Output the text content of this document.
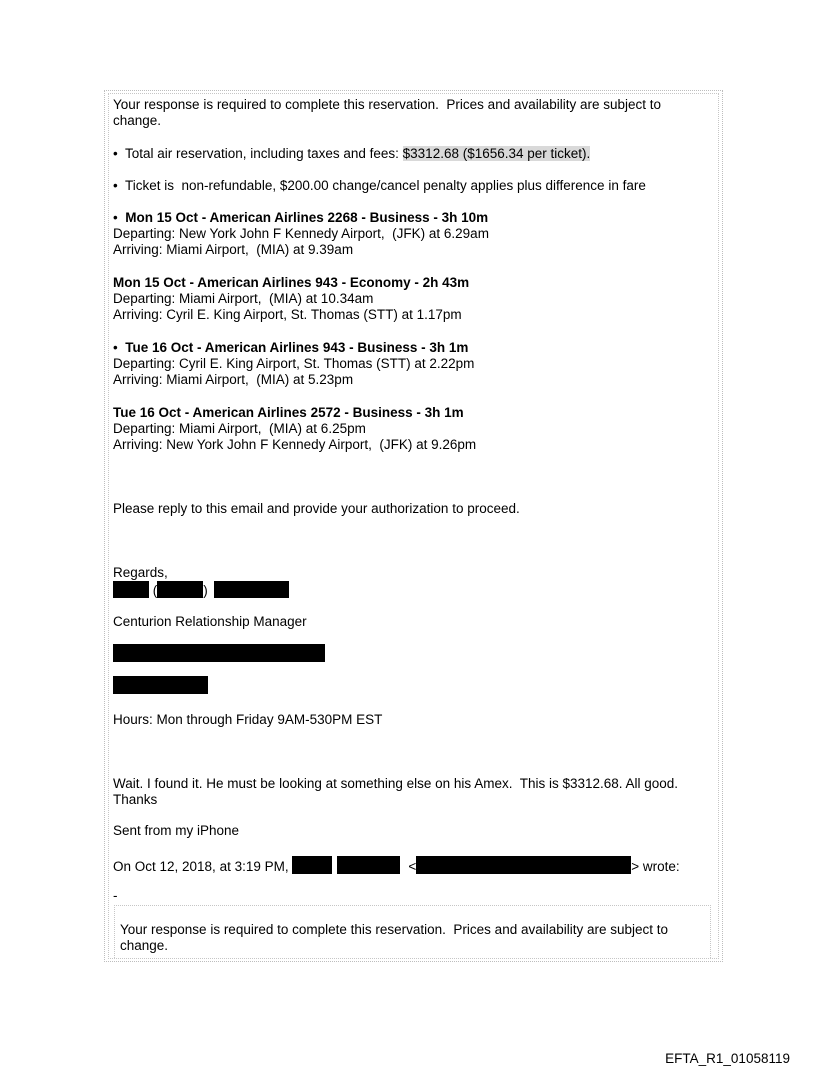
Your response is required to complete this reservation.  Prices and availability are subject to change.

• Total air reservation, including taxes and fees: $3312.68 ($1656.34 per ticket).

• Ticket is  non-refundable, $200.00 change/cancel penalty applies plus difference in fare

• Mon 15 Oct - American Airlines 2268 - Business - 3h 10m

Departing: New York John F Kennedy Airport,  (JFK) at 6.29am

Arriving: Miami Airport,  (MIA) at 9.39am

Mon 15 Oct - American Airlines 943 - Economy - 2h 43m

Departing: Miami Airport,  (MIA) at 10.34am

Arriving: Cyril E. King Airport, St. Thomas (STT) at 1.17pm

• Tue 16 Oct - American Airlines 943 - Business - 3h 1m

Departing: Cyril E. King Airport, St. Thomas (STT) at 2.22pm

Arriving: Miami Airport,  (MIA) at 5.23pm

Tue 16 Oct - American Airlines 2572 - Business - 3h 1m

Departing: Miami Airport,  (MIA) at 6.25pm

Arriving: New York John F Kennedy Airport,  (JFK) at 9.26pm

Please reply to this email and provide your authorization to proceed.

Regards,

(	)

Centurion Relationship Manager

Hours: Mon through Friday 9AM-530PM EST

Wait. I found it. He must be looking at something else on his Amex.  This is $3312.68. All good. Thanks

Sent from my iPhone

On Oct 12, 2018, at 3:19 PM,	<	> wrote:

-

Your response is required to complete this reservation.  Prices and availability are subject to change.

EFTA_R1_01058119
